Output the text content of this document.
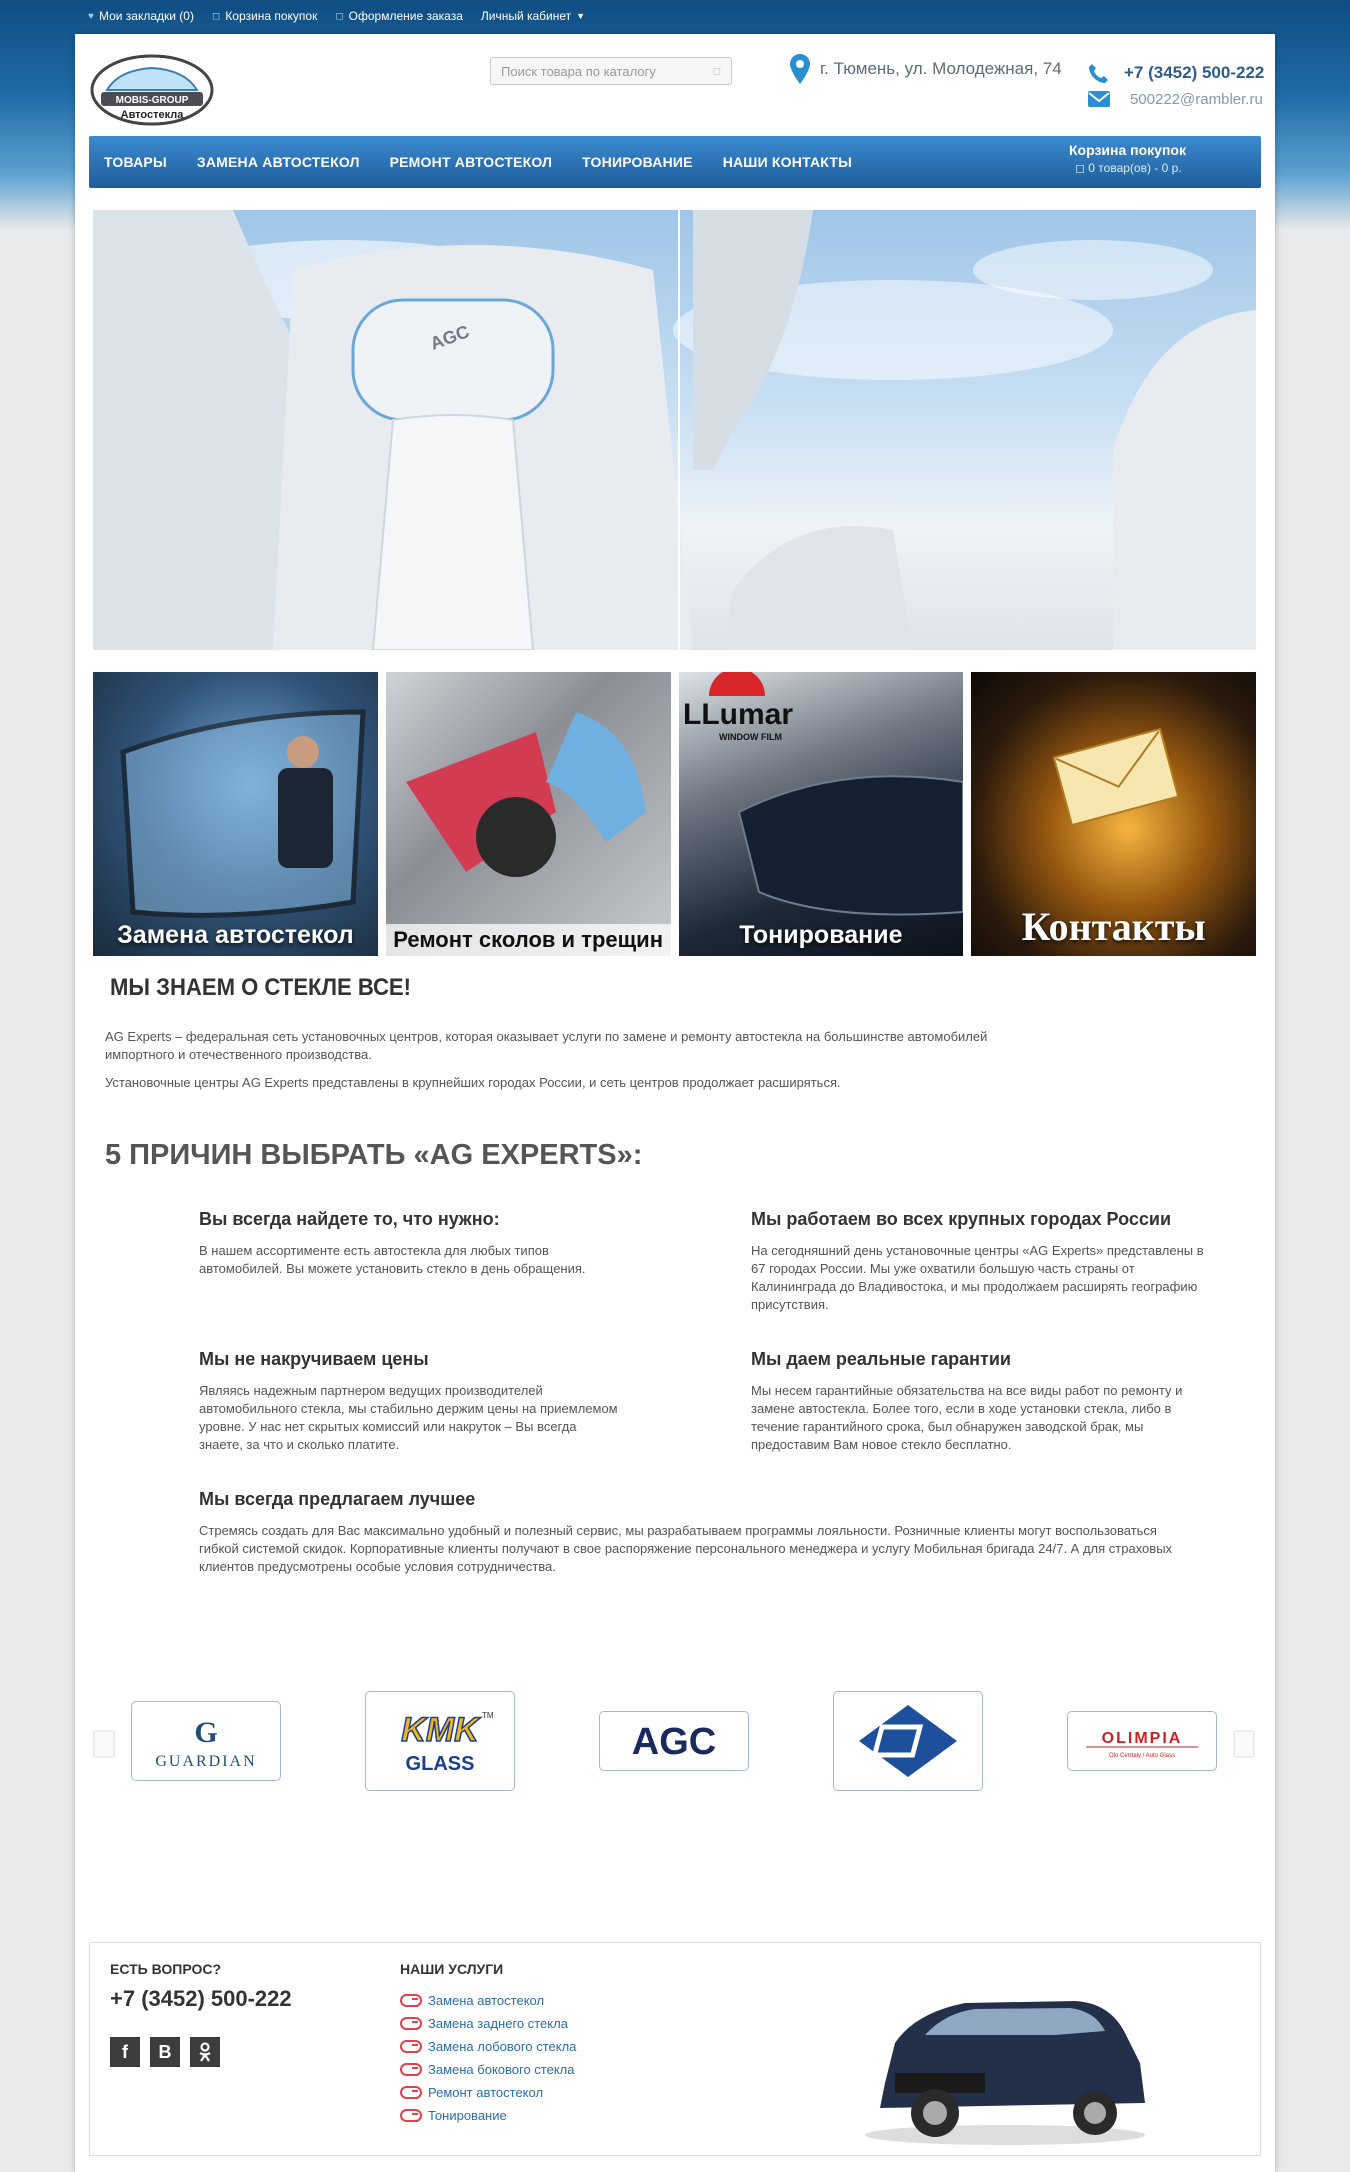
♥ Мои закладки (0) ◻ Корзина покупок ◻ Оформление заказа Личный кабинет ▼
MOBIS-GROUP
Автостекла
Поиск товара по каталогу
◻	г. Тюмень, ул. Молодежная, 74	+7 (3452) 500-222
500222@rambler.ru
ТОВАРЫ	ЗАМЕНА АВТОСТЕКОЛ	РЕМОНТ АВТОСТЕКОЛ	ТОНИРОВАНИЕ	НАШИ КОНТАКТЫ
Корзина покупок
◻ 0 товар(ов) - 0 р.
AGC
Замена автостекол	Ремонт сколов и трещин
LLumar
WINDOW FILM
Тонирование	Контакты
МЫ ЗНАЕМ О СТЕКЛЕ ВСЕ!
AG Experts – федеральная сеть установочных центров, которая оказывает услуги по замене и ремонту автостекла на большинстве автомобилей импортного и отечественного производства.
Установочные центры AG Experts представлены в крупнейших городах России, и сеть центров продолжает расширяться.
5 ПРИЧИН ВЫБРАТЬ «AG EXPERTS»:
Вы всегда найдете то, что нужно:
В нашем ассортименте есть автостекла для любых типов автомобилей. Вы можете установить стекло в день обращения.
Мы работаем во всех крупных городах России
На сегодняшний день установочные центры «AG Experts» представлены в 67 городах России. Мы уже охватили большую часть страны от Калининграда до Владивостока, и мы продолжаем расширять географию присутствия.
Мы не накручиваем цены
Являясь надежным партнером ведущих производителей автомобильного стекла, мы стабильно держим цены на приемлемом уровне. У нас нет скрытых комиссий или накруток – Вы всегда знаете, за что и сколько платите.
Мы даем реальные гарантии
Мы несем гарантийные обязательства на все виды работ по ремонту и замене автостекла. Более того, если в ходе установки стекла, либо в течение гарантийного срока, был обнаружен заводской брак, мы предоставим Вам новое стекло бесплатно.
Мы всегда предлагаем лучшее
Стремясь создать для Вас максимально удобный и полезный сервис, мы разрабатываем программы лояльности. Розничные клиенты могут воспользоваться гибкой системой скидок. Корпоративные клиенты получают в свое распоряжение персонального менеджера и услугу Мобильная бригада 24/7. А для страховых клиентов предусмотрены особые условия сотрудничества.
G
GUARDIAN
KMK TM
GLASS
AGC	OLIMPIA
Olo Cerrtaly / Auto Glass
ЕСТЬ ВОПРОС?
+7 (3452) 500-222
f	B
НАШИ УСЛУГИ
Замена автостекол
Замена заднего стекла
Замена лобового стекла
Замена бокового стекла
Ремонт автостекол
Тонирование
